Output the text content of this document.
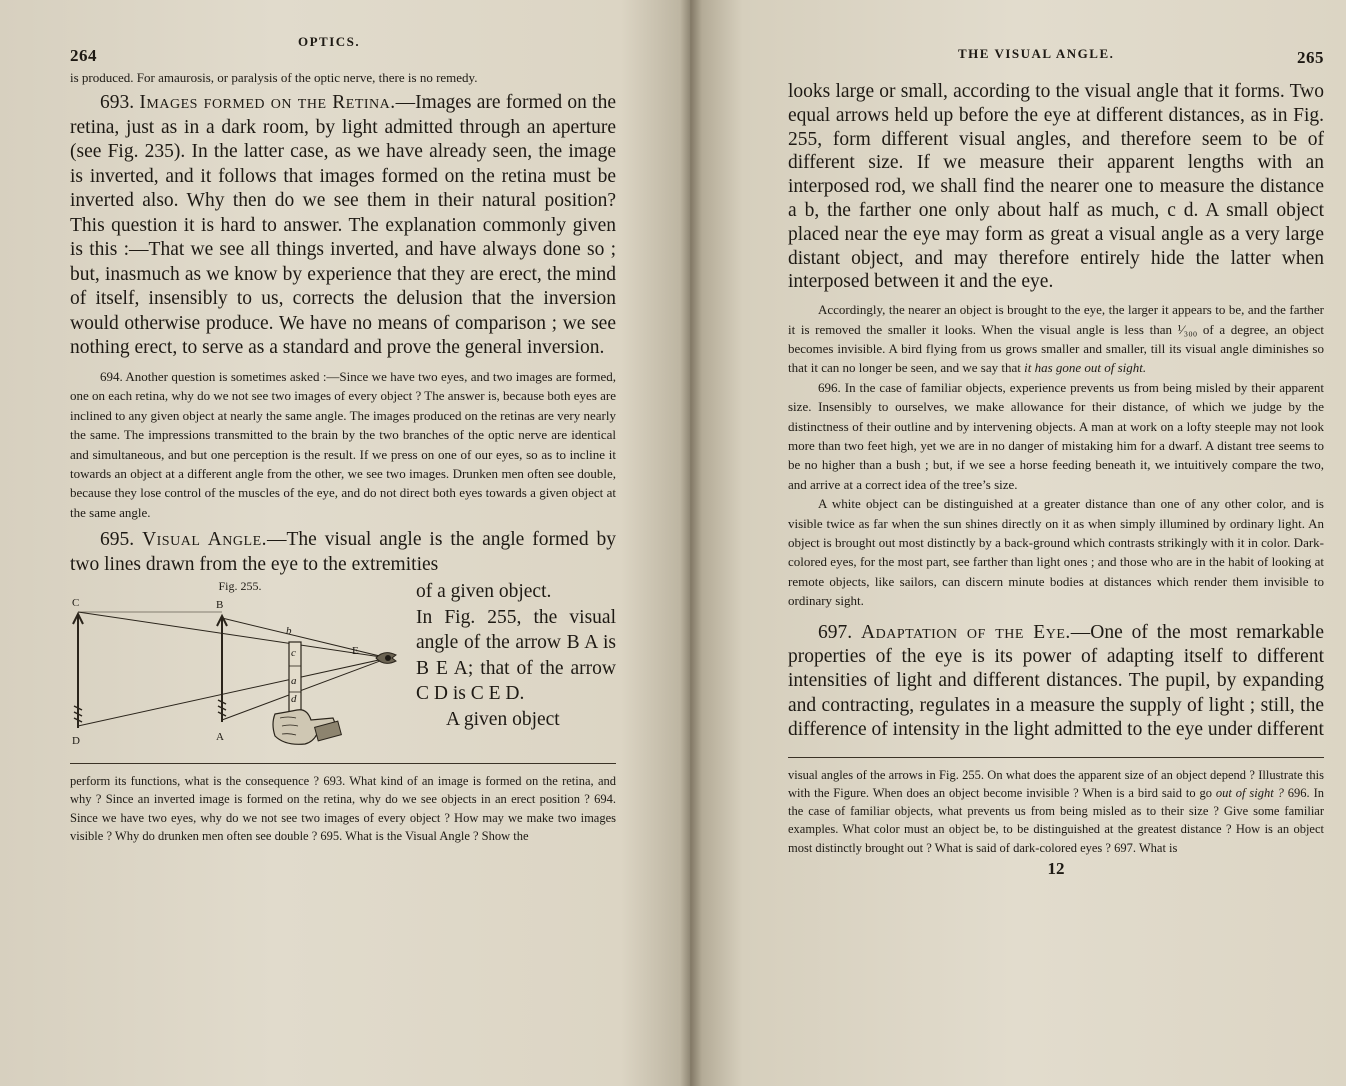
264
OPTICS.

is produced. For amaurosis, or paralysis of the optic nerve, there is no remedy.

693. Images formed on the Retina.—Images are formed on the retina, just as in a dark room, by light admitted through an aperture (see Fig. 235). In the latter case, as we have already seen, the image is inverted, and it follows that images formed on the retina must be inverted also. Why then do we see them in their natural position? This question it is hard to answer. The explanation commonly given is this :—That we see all things inverted, and have always done so ; but, inasmuch as we know by experience that they are erect, the mind of itself, insensibly to us, corrects the delusion that the inversion would otherwise produce. We have no means of comparison ; we see nothing erect, to serve as a standard and prove the general inversion.

694. Another question is sometimes asked :—Since we have two eyes, and two images are formed, one on each retina, why do we not see two images of every object ? The answer is, because both eyes are inclined to any given object at nearly the same angle. The images produced on the retinas are very nearly the same. The impressions transmitted to the brain by the two branches of the optic nerve are identical and simultaneous, and but one perception is the result. If we press on one of our eyes, so as to incline it towards an object at a different angle from the other, we see two images. Drunken men often see double, because they lose control of the muscles of the eye, and do not direct both eyes towards a given object at the same angle.

695. Visual Angle.—The visual angle is the angle formed by two lines drawn from the eye to the extremities

Fig. 255.
C	B
b
c	E
a
d
D	A

of a given object.

In Fig. 255, the visual angle of the arrow B A is B E A; that of the arrow C D is C E D.

A given object

perform its functions, what is the consequence ? 693. What kind of an image is formed on the retina, and why ? Since an inverted image is formed on the retina, why do we see objects in an erect position ? 694. Since we have two eyes, why do we not see two images of every object ? How may we make two images visible ? Why do drunken men often see double ? 695. What is the Visual Angle ? Show the

THE VISUAL ANGLE.	265

looks large or small, according to the visual angle that it forms. Two equal arrows held up before the eye at different distances, as in Fig. 255, form different visual angles, and therefore seem to be of different size. If we measure their apparent lengths with an interposed rod, we shall find the nearer one to measure the distance a b, the farther one only about half as much, c d. A small object placed near the eye may form as great a visual angle as a very large distant object, and may therefore entirely hide the latter when interposed between it and the eye.

Accordingly, the nearer an object is brought to the eye, the larger it appears to be, and the farther it is removed the smaller it looks. When the visual angle is less than ¹⁄₃₀₀ of a degree, an object becomes invisible. A bird flying from us grows smaller and smaller, till its visual angle diminishes so that it can no longer be seen, and we say that it has gone out of sight.

696. In the case of familiar objects, experience prevents us from being misled by their apparent size. Insensibly to ourselves, we make allowance for their distance, of which we judge by the distinctness of their outline and by intervening objects. A man at work on a lofty steeple may not look more than two feet high, yet we are in no danger of mistaking him for a dwarf. A distant tree seems to be no higher than a bush ; but, if we see a horse feeding beneath it, we intuitively compare the two, and arrive at a correct idea of the tree’s size.

A white object can be distinguished at a greater distance than one of any other color, and is visible twice as far when the sun shines directly on it as when simply illumined by ordinary light. An object is brought out most distinctly by a back-ground which contrasts strikingly with it in color. Dark-colored eyes, for the most part, see farther than light ones ; and those who are in the habit of looking at remote objects, like sailors, can discern minute bodies at distances which render them invisible to ordinary sight.

697. Adaptation of the Eye.—One of the most remarkable properties of the eye is its power of adapting itself to different intensities of light and different distances. The pupil, by expanding and contracting, regulates in a measure the supply of light ; still, the difference of intensity in the light admitted to the eye under different

visual angles of the arrows in Fig. 255. On what does the apparent size of an object depend ? Illustrate this with the Figure. When does an object become invisible ? When is a bird said to go out of sight ? 696. In the case of familiar objects, what prevents us from being misled as to their size ? Give some familiar examples. What color must an object be, to be distinguished at the greatest distance ? How is an object most distinctly brought out ? What is said of dark-colored eyes ? 697. What is

12
